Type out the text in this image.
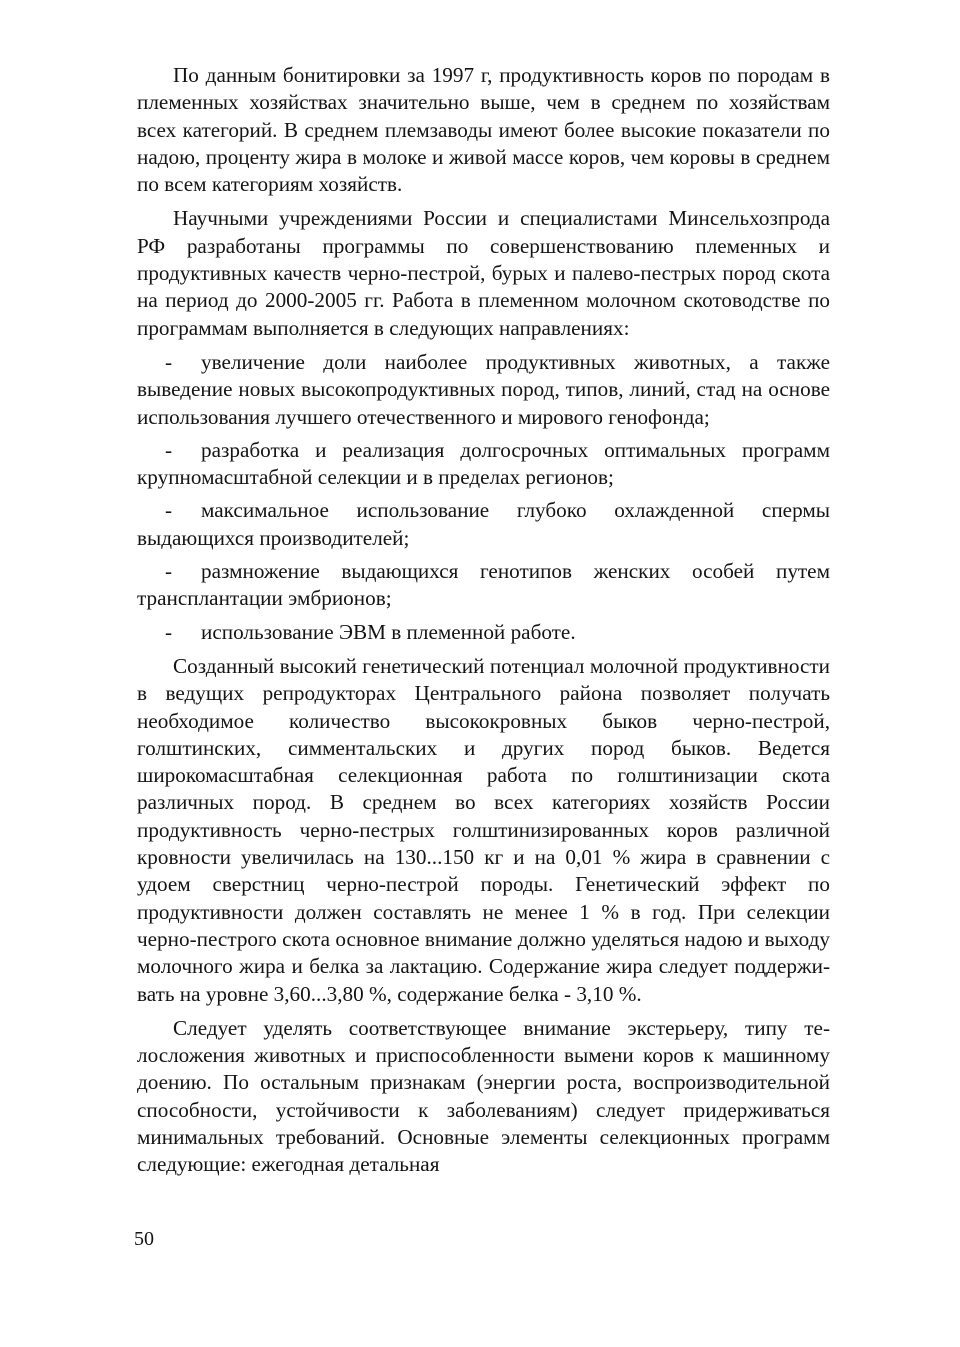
По данным бонитировки за 1997 г, продуктивность коров по породам в племенных хозяйствах значительно выше, чем в среднем по хозяйствам всех категорий. В среднем племзаводы имеют более высокие показатели по надою, проценту жира в молоке и живой массе коров, чем коровы в среднем по всем категориям хозяйств.

Научными учреждениями России и специалистами Минсельхозпрода РФ разработаны программы по совершенствованию племенных и продуктивных качеств черно-пестрой, бурых и палево-пестрых пород скота на период до 2000-2005 гг. Работа в племенном молочном скотоводстве по программам выполняется в следующих направлениях:

- увеличение доли наиболее продуктивных животных, а также выведение новых высокопродуктивных пород, типов, линий, стад на основе использования лучшего отечественного и мирового генофонда;
- разработка и реализация долгосрочных оптимальных программ крупномасштабной селекции и в пределах регионов;
- максимальное использование глубоко охлажденной спермы выдающихся производителей;
- размножение выдающихся генотипов женских особей путем трансплантации эмбрионов;
- использование ЭВМ в племенной работе.

Созданный высокий генетический потенциал молочной продуктивности в ведущих репродукторах Центрального района позволяет получать необходимое количество высококровных быков черно-пестрой, голштинских, симментальских и других пород быков. Ведется широкомасштабная селекционная работа по голштинизации скота различных пород. В среднем во всех категориях хозяйств России продуктивность черно-пестрых голштинизированных коров различной кровности увеличилась на 130...150 кг и на 0,01 % жира в сравнении с удоем сверстниц черно-пестрой породы. Генетический эффект по продуктивности должен составлять не менее 1 % в год. При селекции черно-пестрого скота основное внимание должно уделяться надою и выходу молочного жира и белка за лактацию. Содержание жира следует поддерживать на уровне 3,60...3,80 %, содержание белка - 3,10 %.

Следует уделять соответствующее внимание экстерьеру, типу телосложения животных и приспособленности вымени коров к машинному доению. По остальным признакам (энергии роста, воспроизводительной способности, устойчивости к заболеваниям) следует придерживаться минимальных требований. Основные элементы селекционных программ следующие: ежегодная детальная

50
